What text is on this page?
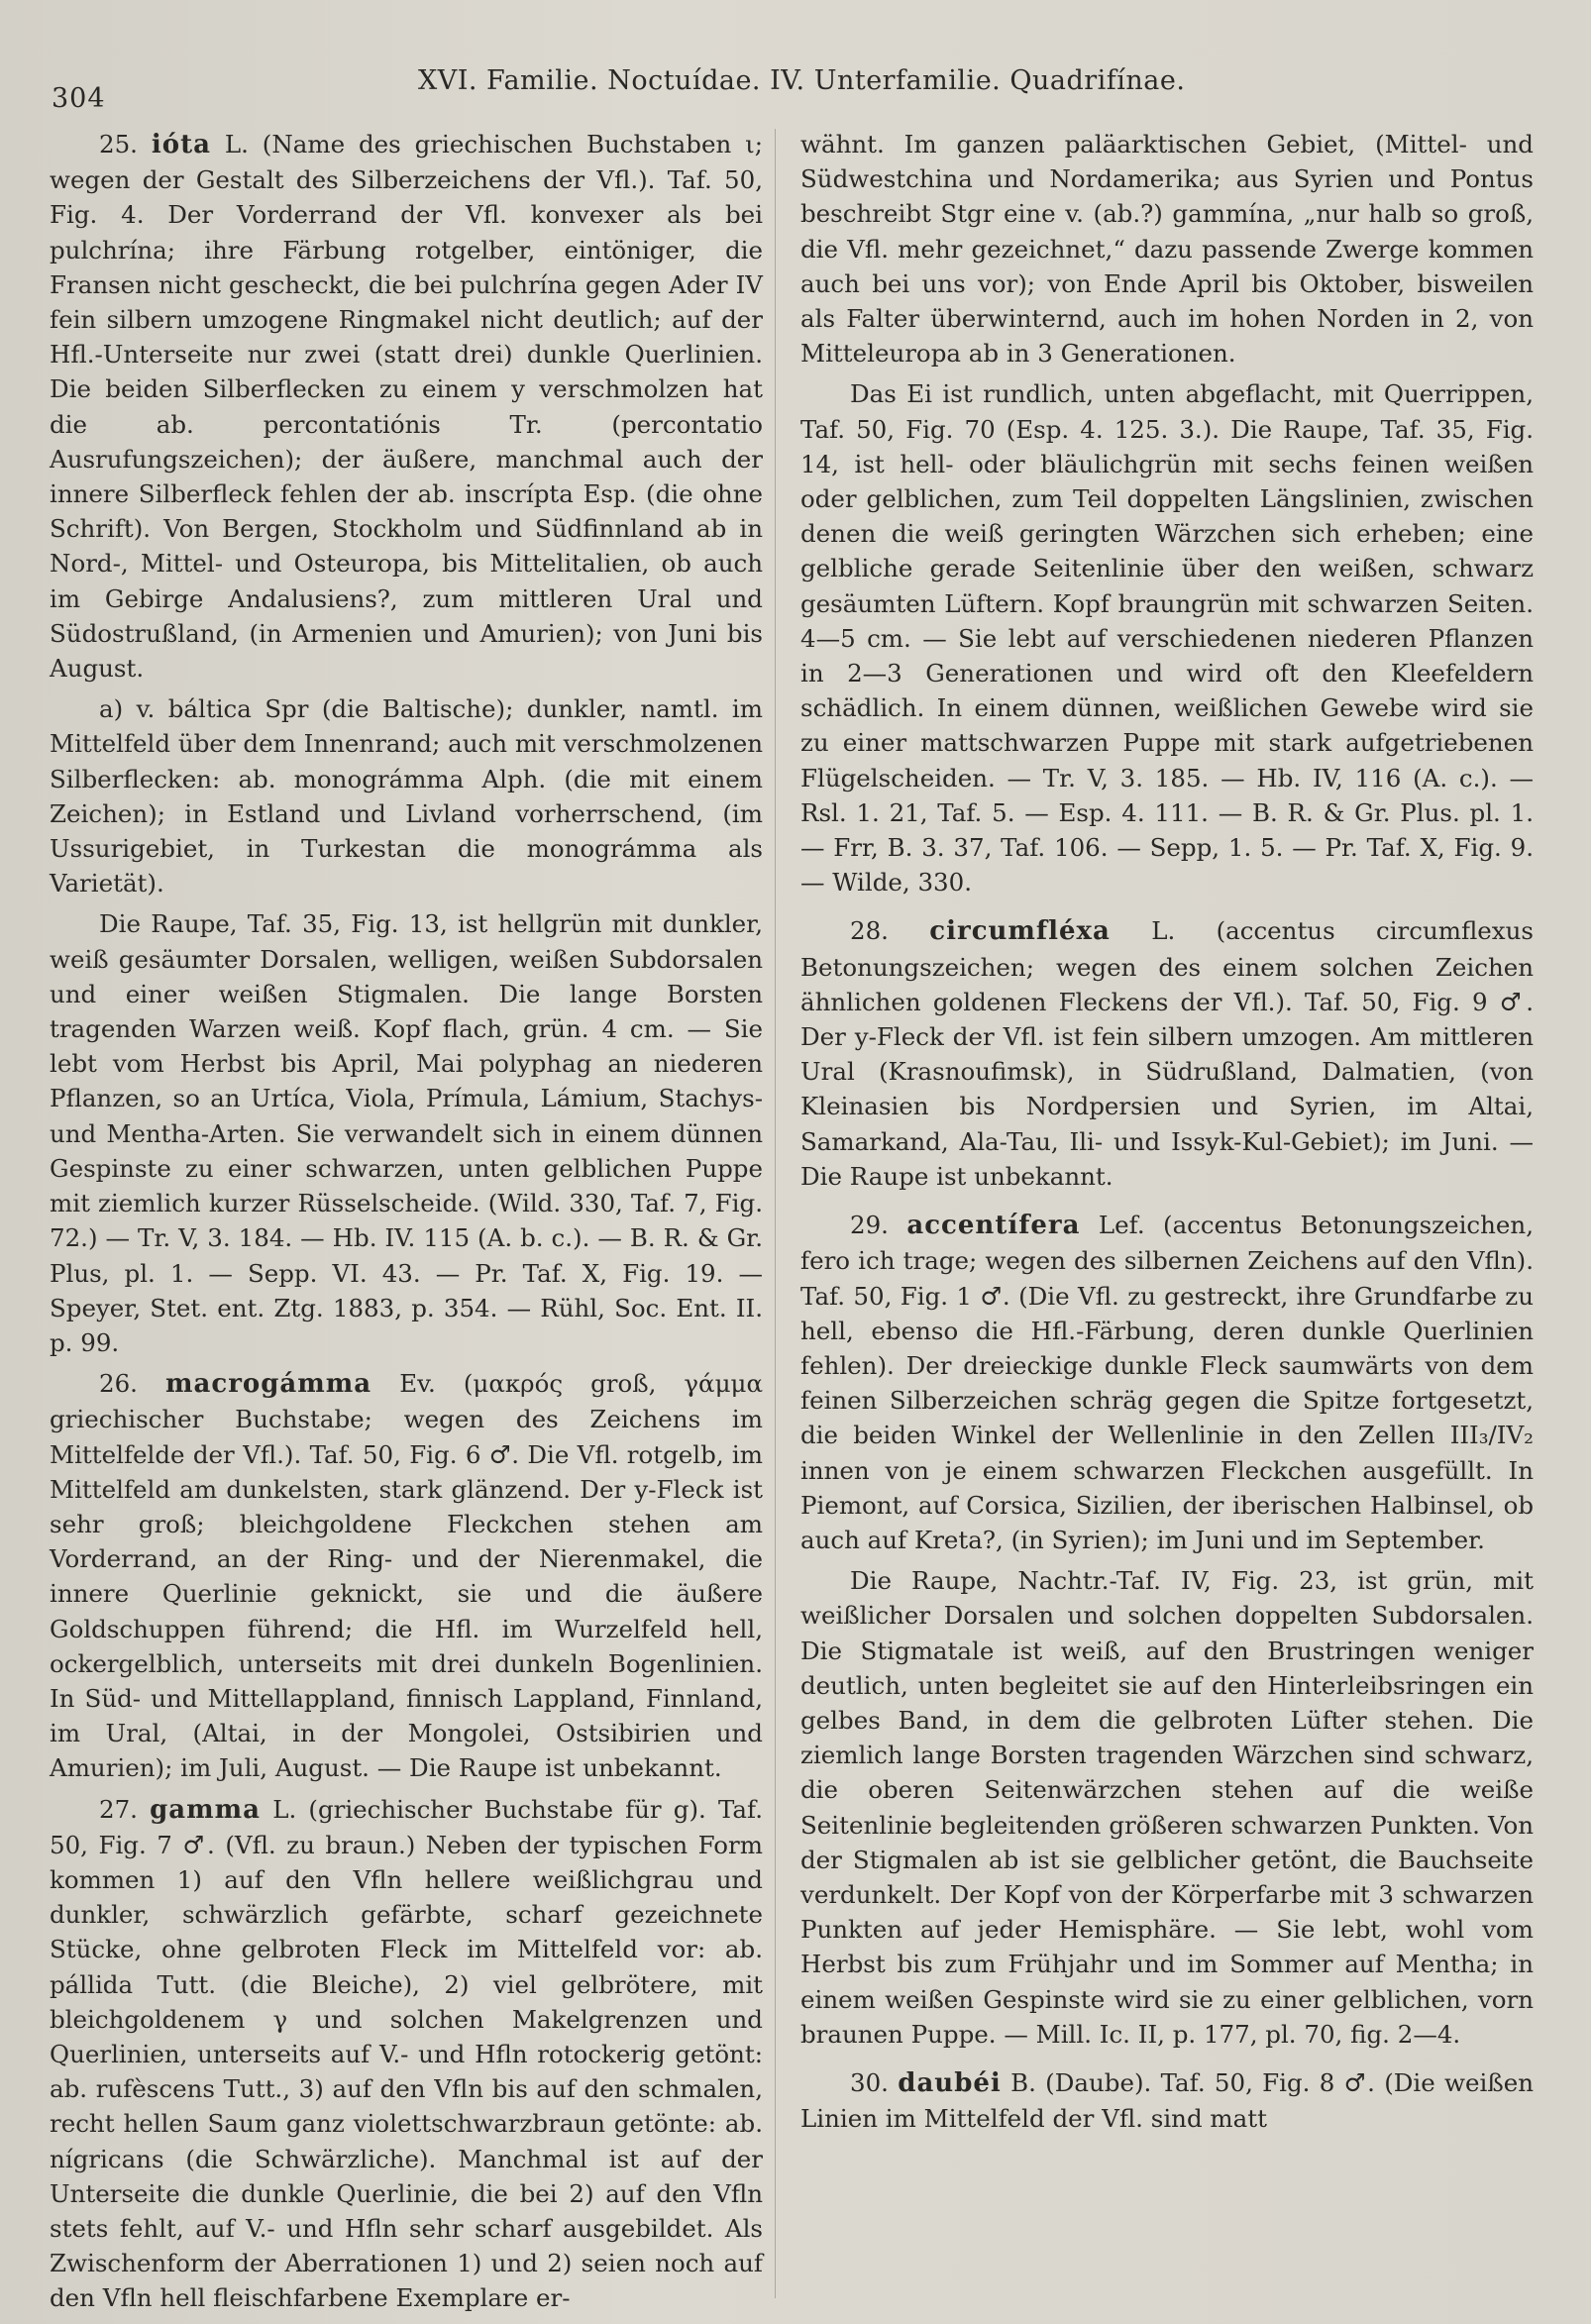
304
XVI. Familie. Noctuídae. IV. Unterfamilie. Quadrifínae.

25. ióta L. (Name des griechischen Buchstaben ι; wegen der Gestalt des Silberzeichens der Vfl.). Taf. 50, Fig. 4. Der Vorderrand der Vfl. konvexer als bei pulchrína; ihre Färbung rotgelber, eintöniger, die Fransen nicht gescheckt, die bei pulchrína gegen Ader IV fein silbern umzogene Ringmakel nicht deutlich; auf der Hfl.-Unterseite nur zwei (statt drei) dunkle Querlinien. Die beiden Silberflecken zu einem y verschmolzen hat die ab. percontatiónis Tr. (percontatio Ausrufungszeichen); der äußere, manchmal auch der innere Silberfleck fehlen der ab. inscrípta Esp. (die ohne Schrift). Von Bergen, Stockholm und Südfinnland ab in Nord-, Mittel- und Osteuropa, bis Mittelitalien, ob auch im Gebirge Andalusiens?, zum mittleren Ural und Südostrußland, (in Armenien und Amurien); von Juni bis August.

a) v. báltica Spr (die Baltische); dunkler, namtl. im Mittelfeld über dem Innenrand; auch mit verschmolzenen Silberflecken: ab. monográmma Alph. (die mit einem Zeichen); in Estland und Livland vorherrschend, (im Ussurigebiet, in Turkestan die monográmma als Varietät).

Die Raupe, Taf. 35, Fig. 13, ist hellgrün mit dunkler, weiß gesäumter Dorsalen, welligen, weißen Subdorsalen und einer weißen Stigmalen. Die lange Borsten tragenden Warzen weiß. Kopf flach, grün. 4 cm. — Sie lebt vom Herbst bis April, Mai polyphag an niederen Pflanzen, so an Urtíca, Viola, Prímula, Lámium, Stachys- und Mentha-Arten. Sie verwandelt sich in einem dünnen Gespinste zu einer schwarzen, unten gelblichen Puppe mit ziemlich kurzer Rüsselscheide. (Wild. 330, Taf. 7, Fig. 72.) — Tr. V, 3. 184. — Hb. IV. 115 (A. b. c.). — B. R. & Gr. Plus, pl. 1. — Sepp. VI. 43. — Pr. Taf. X, Fig. 19. — Speyer, Stet. ent. Ztg. 1883, p. 354. — Rühl, Soc. Ent. II. p. 99.

26. macrogámma Ev. (μακρός groß, γάμμα griechischer Buchstabe; wegen des Zeichens im Mittelfelde der Vfl.). Taf. 50, Fig. 6 ♂. Die Vfl. rotgelb, im Mittelfeld am dunkelsten, stark glänzend. Der y-Fleck ist sehr groß; bleichgoldene Fleckchen stehen am Vorderrand, an der Ring- und der Nierenmakel, die innere Querlinie geknickt, sie und die äußere Goldschuppen führend; die Hfl. im Wurzelfeld hell, ockergelblich, unterseits mit drei dunkeln Bogenlinien. In Süd- und Mittellappland, finnisch Lappland, Finnland, im Ural, (Altai, in der Mongolei, Ostsibirien und Amurien); im Juli, August. — Die Raupe ist unbekannt.

27. gamma L. (griechischer Buchstabe für g). Taf. 50, Fig. 7 ♂. (Vfl. zu braun.) Neben der typischen Form kommen 1) auf den Vfln hellere weißlichgrau und dunkler, schwärzlich gefärbte, scharf gezeichnete Stücke, ohne gelbroten Fleck im Mittelfeld vor: ab. pállida Tutt. (die Bleiche), 2) viel gelbrötere, mit bleichgoldenem γ und solchen Makelgrenzen und Querlinien, unterseits auf V.- und Hfln rotockerig getönt: ab. rufèscens Tutt., 3) auf den Vfln bis auf den schmalen, recht hellen Saum ganz violettschwarzbraun getönte: ab. nígricans (die Schwärzliche). Manchmal ist auf der Unterseite die dunkle Querlinie, die bei 2) auf den Vfln stets fehlt, auf V.- und Hfln sehr scharf ausgebildet. Als Zwischenform der Aberrationen 1) und 2) seien noch auf den Vfln hell fleischfarbene Exemplare er-

wähnt. Im ganzen paläarktischen Gebiet, (Mittel- und Südwestchina und Nordamerika; aus Syrien und Pontus beschreibt Stgr eine v. (ab.?) gammína, „nur halb so groß, die Vfl. mehr gezeichnet,“ dazu passende Zwerge kommen auch bei uns vor); von Ende April bis Oktober, bisweilen als Falter überwinternd, auch im hohen Norden in 2, von Mitteleuropa ab in 3 Generationen.

Das Ei ist rundlich, unten abgeflacht, mit Querrippen, Taf. 50, Fig. 70 (Esp. 4. 125. 3.). Die Raupe, Taf. 35, Fig. 14, ist hell- oder bläulichgrün mit sechs feinen weißen oder gelblichen, zum Teil doppelten Längslinien, zwischen denen die weiß geringten Wärzchen sich erheben; eine gelbliche gerade Seitenlinie über den weißen, schwarz gesäumten Lüftern. Kopf braungrün mit schwarzen Seiten. 4—5 cm. — Sie lebt auf verschiedenen niederen Pflanzen in 2—3 Generationen und wird oft den Kleefeldern schädlich. In einem dünnen, weißlichen Gewebe wird sie zu einer mattschwarzen Puppe mit stark aufgetriebenen Flügelscheiden. — Tr. V, 3. 185. — Hb. IV, 116 (A. c.). — Rsl. 1. 21, Taf. 5. — Esp. 4. 111. — B. R. & Gr. Plus. pl. 1. — Frr, B. 3. 37, Taf. 106. — Sepp, 1. 5. — Pr. Taf. X, Fig. 9. — Wilde, 330.

28. circumfléxa L. (accentus circumflexus Betonungszeichen; wegen des einem solchen Zeichen ähnlichen goldenen Fleckens der Vfl.). Taf. 50, Fig. 9 ♂. Der y-Fleck der Vfl. ist fein silbern umzogen. Am mittleren Ural (Krasnoufimsk), in Südrußland, Dalmatien, (von Kleinasien bis Nordpersien und Syrien, im Altai, Samarkand, Ala-Tau, Ili- und Issyk-Kul-Gebiet); im Juni. — Die Raupe ist unbekannt.

29. accentífera Lef. (accentus Betonungszeichen, fero ich trage; wegen des silbernen Zeichens auf den Vfln). Taf. 50, Fig. 1 ♂. (Die Vfl. zu gestreckt, ihre Grundfarbe zu hell, ebenso die Hfl.-Färbung, deren dunkle Querlinien fehlen). Der dreieckige dunkle Fleck saumwärts von dem feinen Silberzeichen schräg gegen die Spitze fortgesetzt, die beiden Winkel der Wellenlinie in den Zellen III₃/IV₂ innen von je einem schwarzen Fleckchen ausgefüllt. In Piemont, auf Corsica, Sizilien, der iberischen Halbinsel, ob auch auf Kreta?, (in Syrien); im Juni und im September.

Die Raupe, Nachtr.-Taf. IV, Fig. 23, ist grün, mit weißlicher Dorsalen und solchen doppelten Subdorsalen. Die Stigmatale ist weiß, auf den Brustringen weniger deutlich, unten begleitet sie auf den Hinterleibsringen ein gelbes Band, in dem die gelbroten Lüfter stehen. Die ziemlich lange Borsten tragenden Wärzchen sind schwarz, die oberen Seitenwärzchen stehen auf die weiße Seitenlinie begleitenden größeren schwarzen Punkten. Von der Stigmalen ab ist sie gelblicher getönt, die Bauchseite verdunkelt. Der Kopf von der Körperfarbe mit 3 schwarzen Punkten auf jeder Hemisphäre. — Sie lebt, wohl vom Herbst bis zum Frühjahr und im Sommer auf Mentha; in einem weißen Gespinste wird sie zu einer gelblichen, vorn braunen Puppe. — Mill. Ic. II, p. 177, pl. 70, fig. 2—4.

30. daubéi B. (Daube). Taf. 50, Fig. 8 ♂. (Die weißen Linien im Mittelfeld der Vfl. sind matt
